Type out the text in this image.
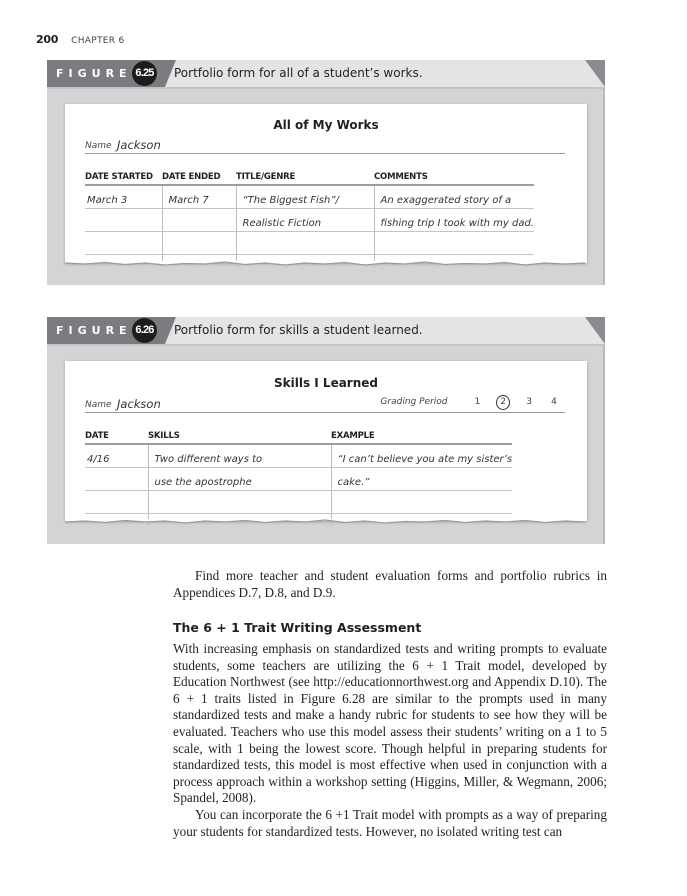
200 CHAPTER 6
FIGURE 6.25 Portfolio form for all of a student’s works.
All of My Works
Name Jackson
DATE STARTED	DATE ENDED	TITLE/GENRE	COMMENTS
March 3	March 7	“The Biggest Fish”/	An exaggerated story of a
		Realistic Fiction	fishing trip I took with my dad.

FIGURE 6.26 Portfolio form for skills a student learned.
Skills I Learned
Name Jackson	Grading Period	1 2 3 4
DATE	SKILLS	EXAMPLE
4/16	Two different ways to	“I can’t believe you ate my sister’s
	use the apostrophe	cake.”

Find more teacher and student evaluation forms and portfolio rubrics in Appendices D.7, D.8, and D.9.

The 6 + 1 Trait Writing Assessment

With increasing emphasis on standardized tests and writing prompts to evaluate students, some teachers are utilizing the 6 + 1 Trait model, developed by Education Northwest (see http://educationnorthwest.org and Appendix D.10). The 6 + 1 traits listed in Figure 6.28 are similar to the prompts used in many standardized tests and make a handy rubric for students to see how they will be evaluated. Teachers who use this model assess their students’ writing on a 1 to 5 scale, with 1 being the lowest score. Though helpful in preparing students for standardized tests, this model is most effective when used in conjunction with a process approach within a workshop setting (Higgins, Miller, & Wegmann, 2006; Spandel, 2008).

You can incorporate the 6 +1 Trait model with prompts as a way of preparing your students for standardized tests. However, no isolated writing test can
